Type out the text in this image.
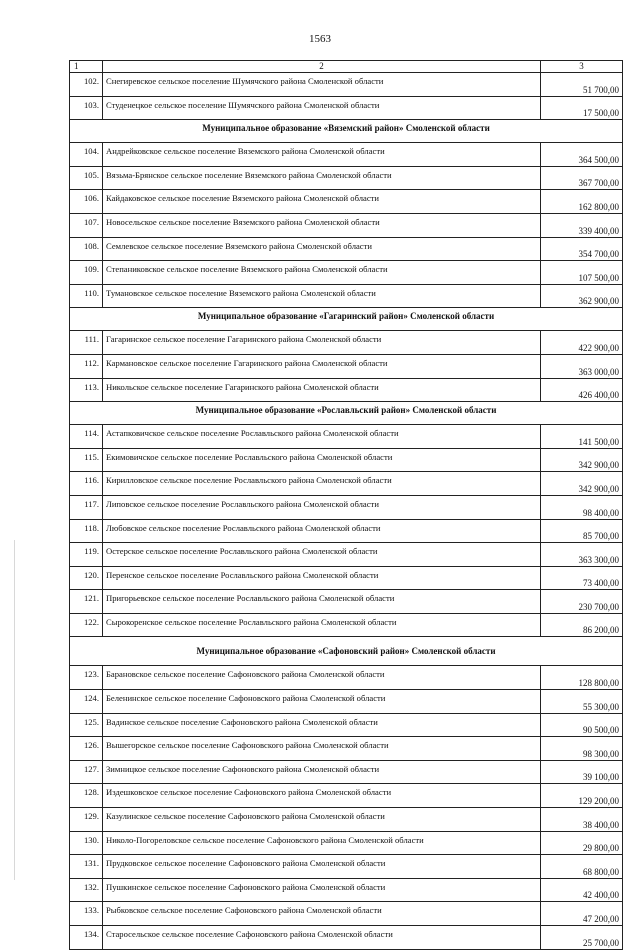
1563
1	2	3
102.	Снегиревское сельское поселение Шумячского района Смоленской области	51 700,00
103.	Студенецкое сельское поселение Шумячского района Смоленской области	17 500,00
Муниципальное образование «Вяземский район» Смоленской области		
104.	Андрейковское сельское поселение Вяземского района Смоленской области	364 500,00
105.	Вязьма-Брянское сельское поселение Вяземского района Смоленской области	367 700,00
106.	Кайдаковское сельское поселение Вяземского района Смоленской области	162 800,00
107.	Новосельское сельское поселение Вяземского района Смоленской области	339 400,00
108.	Семлевское сельское поселение Вяземского района Смоленской области	354 700,00
109.	Степаниковское сельское поселение Вяземского района Смоленской области	107 500,00
110.	Тумановское сельское поселение Вяземского района Смоленской области	362 900,00
Муниципальное образование «Гагаринский район» Смоленской области		
111.	Гагаринское сельское поселение Гагаринского района Смоленской области	422 900,00
112.	Кармановское сельское поселение Гагаринского района Смоленской области	363 000,00
113.	Никольское сельское поселение Гагаринского района Смоленской области	426 400,00
Муниципальное образование «Рославльский район» Смоленской области		
114.	Астапковичское сельское поселение Рославльского района Смоленской области	141 500,00
115.	Екимовичское сельское поселение Рославльского района Смоленской области	342 900,00
116.	Кирилловское сельское поселение Рославльского района Смоленской области	342 900,00
117.	Липовское сельское поселение Рославльского района Смоленской области	98 400,00
118.	Любовское сельское поселение Рославльского района Смоленской области	85 700,00
119.	Остерское сельское поселение Рославльского района Смоленской области	363 300,00
120.	Перенское сельское поселение Рославльского района Смоленской области	73 400,00
121.	Пригорьевское сельское поселение Рославльского района Смоленской области	230 700,00
122.	Сырокоренское сельское поселение Рославльского района Смоленской области	86 200,00
Муниципальное образование «Сафоновский район» Смоленской области		
123.	Барановское сельское поселение Сафоновского района Смоленской области	128 800,00
124.	Беленинское сельское поселение Сафоновского района Смоленской области	55 300,00
125.	Вадинское сельское поселение Сафоновского района Смоленской области	90 500,00
126.	Вышегорское сельское поселение Сафоновского района Смоленской области	98 300,00
127.	Зимницкое сельское поселение Сафоновского района Смоленской области	39 100,00
128.	Издешковское сельское поселение Сафоновского района Смоленской области	129 200,00
129.	Казулинское сельское поселение Сафоновского района Смоленской области	38 400,00
130.	Николо-Погореловское сельское поселение Сафоновского района Смоленской области	29 800,00
131.	Прудковское сельское поселение Сафоновского района Смоленской области	68 800,00
132.	Пушкинское сельское поселение Сафоновского района Смоленской области	42 400,00
133.	Рыбковское сельское поселение Сафоновского района Смоленской области	47 200,00
134.	Старосельское сельское поселение Сафоновского района Смоленской области	25 700,00
